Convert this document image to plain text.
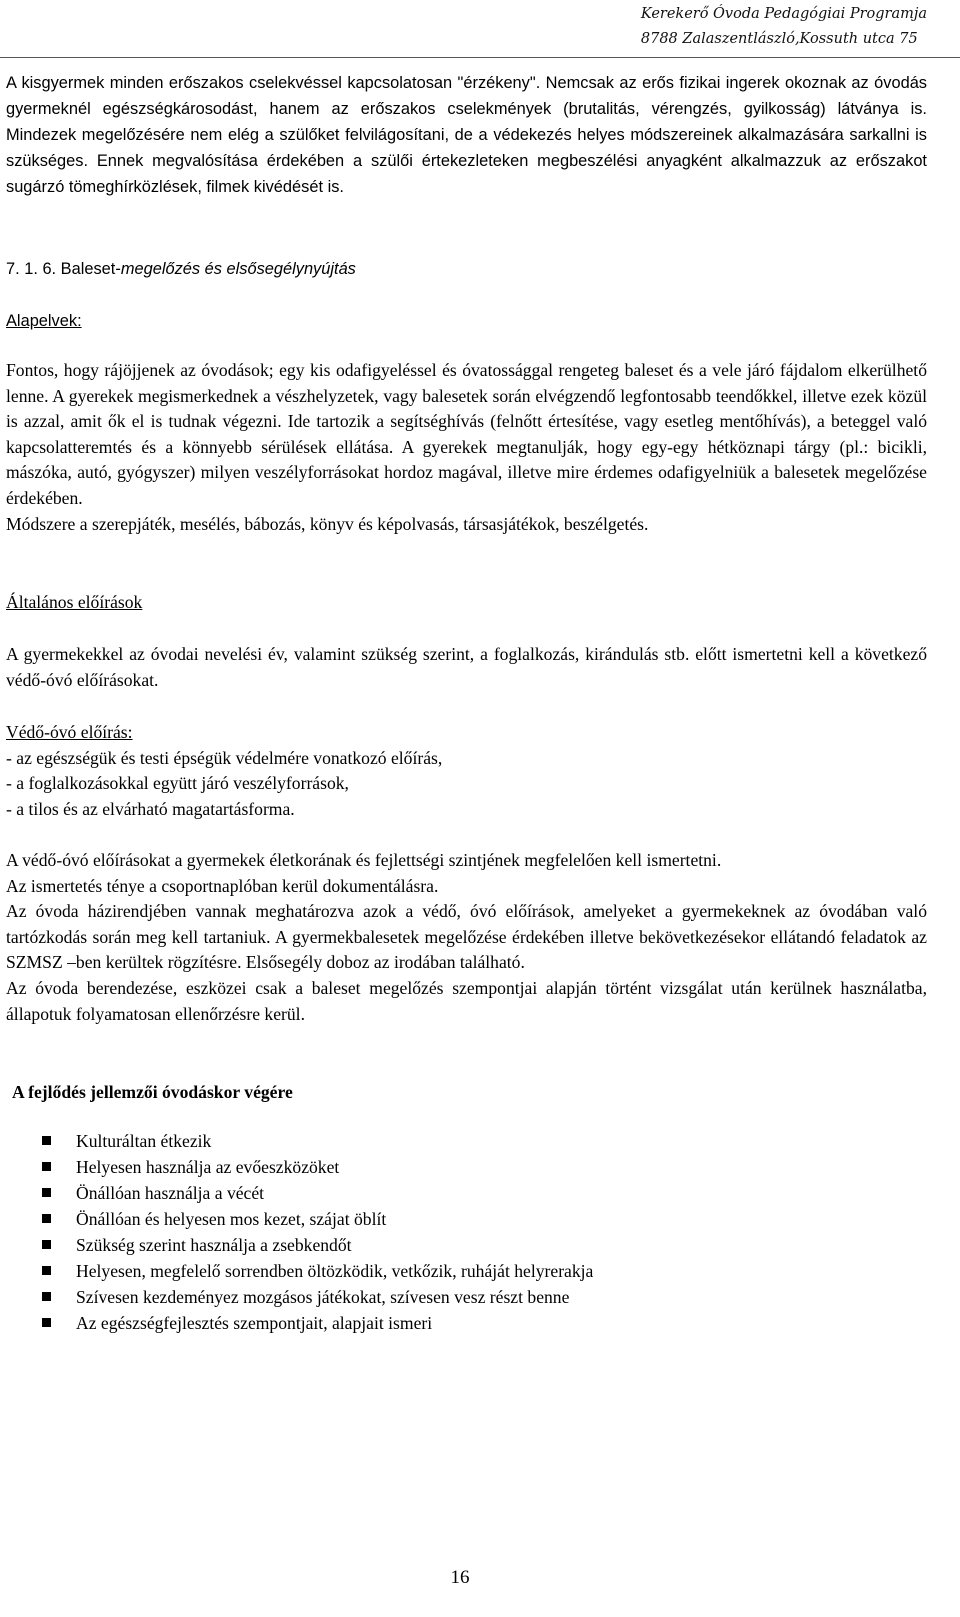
Kerekerő Óvoda Pedagógiai Programja
8788 Zalaszentlászló,Kossuth utca 75

A kisgyermek minden erőszakos cselekvéssel kapcsolatosan "érzékeny". Nemcsak az erős fizikai ingerek okoznak az óvodás gyermeknél egészségkárosodást, hanem az erőszakos cselekmények (brutalitás, vérengzés, gyilkosság) látványa is. Mindezek megelőzésére nem elég a szülőket felvilágosítani, de a védekezés helyes módszereinek alkalmazására sarkallni is szükséges. Ennek megvalósítása érdekében a szülői értekezleteken megbeszélési anyagként alkalmazzuk az erőszakot sugárzó tömeghírközlések, filmek kivédését is.

7. 1. 6. Baleset-megelőzés és elsősegélynyújtás

Alapelvek:

Fontos, hogy rájöjjenek az óvodások; egy kis odafigyeléssel és óvatossággal rengeteg baleset és a vele járó fájdalom elkerülhető lenne. A gyerekek megismerkednek a vészhelyzetek, vagy balesetek során elvégzendő legfontosabb teendőkkel, illetve ezek közül is azzal, amit ők el is tudnak végezni. Ide tartozik a segítséghívás (felnőtt értesítése, vagy esetleg mentőhívás), a beteggel való kapcsolatteremtés és a könnyebb sérülések ellátása. A gyerekek megtanulják, hogy egy-egy hétköznapi tárgy (pl.: bicikli, mászóka, autó, gyógyszer) milyen veszélyforrásokat hordoz magával, illetve mire érdemes odafigyelniük a balesetek megelőzése érdekében.

Módszere a szerepjáték, mesélés, bábozás, könyv és képolvasás, társasjátékok, beszélgetés.

Általános előírások

A gyermekekkel az óvodai nevelési év, valamint szükség szerint, a foglalkozás, kirándulás stb. előtt ismertetni kell a következő védő-óvó előírásokat.

Védő-óvó előírás:

- az egészségük és testi épségük védelmére vonatkozó előírás,

- a foglalkozásokkal együtt járó veszélyforrások,

- a tilos és az elvárható magatartásforma.

A védő-óvó előírásokat a gyermekek életkorának és fejlettségi szintjének megfelelően kell ismertetni.

Az ismertetés ténye a csoportnaplóban kerül dokumentálásra.

Az óvoda házirendjében vannak meghatározva azok a védő, óvó előírások, amelyeket a gyermekeknek az óvodában való tartózkodás során meg kell tartaniuk. A gyermekbalesetek megelőzése érdekében illetve bekövetkezésekor ellátandó feladatok az SZMSZ –ben kerültek rögzítésre. Elsősegély doboz az irodában található.

Az óvoda berendezése, eszközei csak a baleset megelőzés szempontjai alapján történt vizsgálat után kerülnek használatba, állapotuk folyamatosan ellenőrzésre kerül.

A fejlődés jellemzői óvodáskor végére

Kulturáltan étkezik
Helyesen használja az evőeszközöket
Önállóan használja a vécét
Önállóan és helyesen mos kezet, szájat öblít
Szükség szerint használja a zsebkendőt
Helyesen, megfelelő sorrendben öltözködik, vetkőzik, ruháját helyrerakja
Szívesen kezdeményez mozgásos játékokat, szívesen vesz részt benne
Az egészségfejlesztés szempontjait, alapjait ismeri
16
